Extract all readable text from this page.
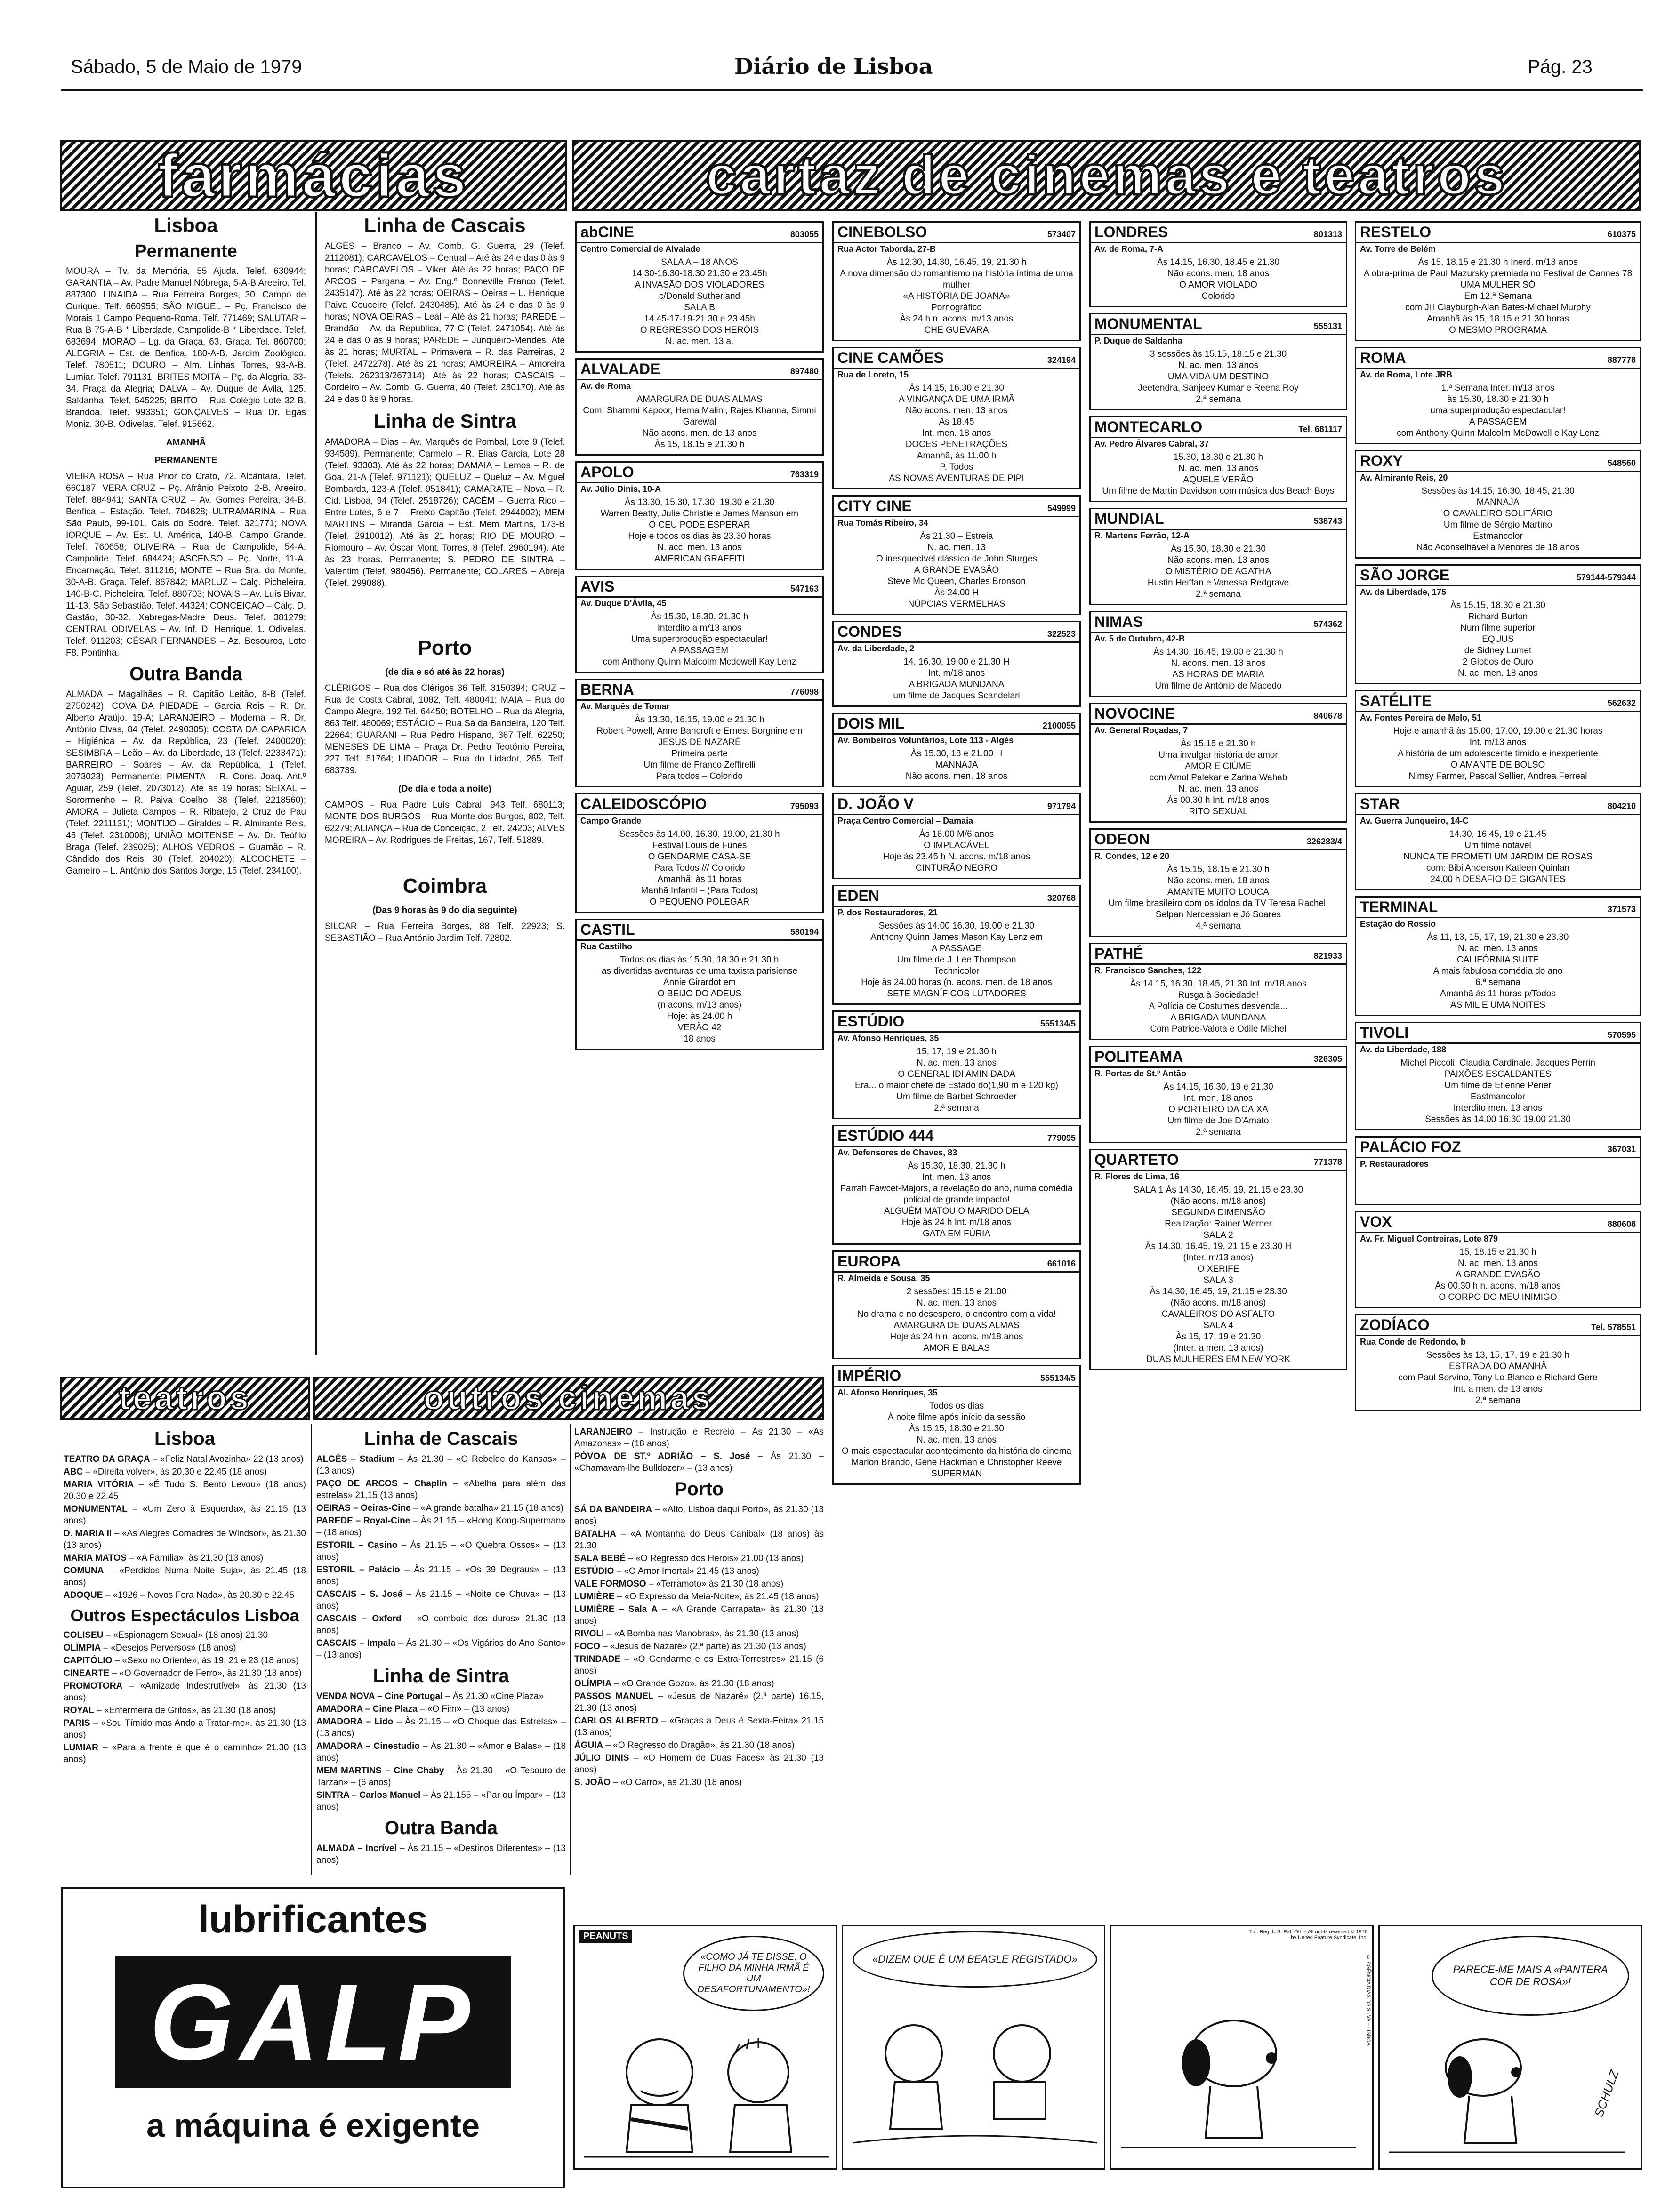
Sábado, 5 de Maio de 1979	Diário de Lisboa	Pág. 23
farmácias	cartaz de cinemas e teatros
Lisboa
Permanente

MOURA – Tv. da Memória, 55 Ajuda. Telef. 630944; GARANTIA – Av. Padre Manuel Nóbrega, 5-A-B Areeiro. Tel. 887300; LINAIDA – Rua Ferreira Borges, 30. Campo de Ourique. Telf. 660955; SÃO MIGUEL – Pç. Francisco de Morais 1 Campo Pequeno-Roma. Telf. 771469; SALUTAR – Rua B 75-A-B * Liberdade. Campolide-B * Liberdade. Telef. 683694; MORÃO – Lg. da Graça, 63. Graça. Tel. 860700; ALEGRIA – Est. de Benfica, 180-A-B. Jardim Zoológico. Telef. 780511; DOURO – Alm. Linhas Torres, 93-A-B. Lumiar. Telef. 791131; BRITES MOITA – Pç. da Alegria, 33-34. Praça da Alegria; DALVA – Av. Duque de Ávila, 125. Saldanha. Telef. 545225; BRITO – Rua Colégio Lote 32-B. Brandoa. Telef. 993351; GONÇALVES – Rua Dr. Egas Moniz, 30-B. Odivelas. Telef. 915662.

AMANHÃ
PERMANENTE

VIEIRA ROSA – Rua Prior do Crato, 72. Alcântara. Telef. 660187; VERA CRUZ – Pç. Afrânio Peixoto, 2-B. Areeiro. Telef. 884941; SANTA CRUZ – Av. Gomes Pereira, 34-B. Benfica – Estação. Telef. 704828; ULTRAMARINA – Rua São Paulo, 99-101. Cais do Sodré. Telef. 321771; NOVA IORQUE – Av. Est. U. América, 140-B. Campo Grande. Telef. 760658; OLIVEIRA – Rua de Campolide, 54-A. Campolide. Telef. 684424; ASCENSO – Pç. Norte, 11-A. Encarnação. Telef. 311216; MONTE – Rua Sra. do Monte, 30-A-B. Graça. Telef. 867842; MARLUZ – Calç. Picheleira, 140-B-C. Picheleira. Telef. 880703; NOVAIS – Av. Luís Bivar, 11-13. São Sebastião. Telef. 44324; CONCEIÇÃO – Calç. D. Gastão, 30-32. Xabregas-Madre Deus. Telef. 381279; CENTRAL ODIVELAS – Av. Inf. D. Henrique, 1. Odivelas. Telef. 911203; CÉSAR FERNANDES – Az. Besouros, Lote F8. Pontinha.

Outra Banda

ALMADA – Magalhães – R. Capitão Leitão, 8-B (Telef. 2750242); COVA DA PIEDADE – Garcia Reis – R. Dr. Alberto Araújo, 19-A; LARANJEIRO – Moderna – R. Dr. António Elvas, 84 (Telef. 2490305); COSTA DA CAPARICA – Higiénica – Av. da República, 23 (Telef. 2400020); SESIMBRA – Leão – Av. da Liberdade, 13 (Telef. 2233471); BARREIRO – Soares – Av. da República, 1 (Telef. 2073023). Permanente; PIMENTA – R. Cons. Joaq. Ant.º Aguiar, 259 (Telef. 2073012). Até às 19 horas; SEIXAL – Sorormenho – R. Paiva Coelho, 38 (Telef. 2218560); AMORA – Julieta Campos – R. Ribatejo, 2 Cruz de Pau (Telef. 2211131); MONTIJO – Giraldes – R. Almirante Reis, 45 (Telef. 2310008); UNIÃO MOITENSE – Av. Dr. Teófilo Braga (Telef. 239025); ALHOS VEDROS – Guamão – R. Cândido dos Reis, 30 (Telef. 204020); ALCOCHETE – Gameiro – L. António dos Santos Jorge, 15 (Telef. 234100).

Linha de Cascais

ALGÉS – Branco – Av. Comb. G. Guerra, 29 (Telef. 2112081); CARCAVELOS – Central – Até às 24 e das 0 às 9 horas; CARCAVELOS – Viker. Até às 22 horas; PAÇO DE ARCOS – Pargana – Av. Eng.º Bonneville Franco (Telef. 2435147). Até às 22 horas; OEIRAS – Oeiras – L. Henrique Paiva Couceiro (Telef. 2430485). Até às 24 e das 0 às 9 horas; NOVA OEIRAS – Leal – Até às 21 horas; PAREDE – Brandão – Av. da República, 77-C (Telef. 2471054). Até às 24 e das 0 às 9 horas; PAREDE – Junqueiro-Mendes. Até às 21 horas; MURTAL – Primavera – R. das Parreiras, 2 (Telef. 2472278). Até às 21 horas; AMOREIRA – Amoreira (Telefs. 262313/267314). Até às 22 horas; CASCAIS – Cordeiro – Av. Comb. G. Guerra, 40 (Telef. 280170). Até às 24 e das 0 às 9 horas.

Linha de Sintra

AMADORA – Dias – Av. Marquês de Pombal, Lote 9 (Telef. 934589). Permanente; Carmelo – R. Elias Garcia, Lote 28 (Telef. 93303). Até às 22 horas; DAMAIA – Lemos – R. de Goa, 21-A (Telef. 971121); QUELUZ – Queluz – Av. Miguel Bombarda, 123-A (Telef. 951841); CAMARATE – Nova – R. Cid. Lisboa, 94 (Telef. 2518726); CACÉM – Guerra Rico – Entre Lotes, 6 e 7 – Freixo Capitão (Telef. 2944002); MEM MARTINS – Miranda Garcia – Est. Mem Martins, 173-B (Telef. 2910012). Até às 21 horas; RIO DE MOURO – Riomouro – Av. Óscar Mont. Torres, 8 (Telef. 2960194). Até às 23 horas. Permanente; S. PEDRO DE SINTRA – Valentim (Telef. 980456). Permanente; COLARES – Abreja (Telef. 299088).

Porto
(de dia e só até às 22 horas)

CLÉRIGOS – Rua dos Clérigos 36 Telf. 3150394; CRUZ – Rua de Costa Cabral, 1082, Telf. 480041; MAIA – Rua do Campo Alegre, 192 Tel. 64450; BOTELHO – Rua da Alegria, 863 Telf. 480069; ESTÁCIO – Rua Sá da Bandeira, 120 Telf. 22664; GUARANI – Rua Pedro Hispano, 367 Telf. 62250; MENESES DE LIMA – Praça Dr. Pedro Teotónio Pereira, 227 Telf. 51764; LIDADOR – Rua do Lidador, 265. Telf. 683739.

(De dia e toda a noite)

CAMPOS – Rua Padre Luís Cabral, 943 Telf. 680113; MONTE DOS BURGOS – Rua Monte dos Burgos, 802, Telf. 62279; ALIANÇA – Rua de Conceição, 2 Telf. 24203; ALVES MOREIRA – Av. Rodrigues de Freitas, 167, Telf. 51889.

Coimbra
(Das 9 horas às 9 do dia seguinte)

SILCAR – Rua Ferreira Borges, 88 Telf. 22923; S. SEBASTIÃO – Rua António Jardim Telf. 72802.

abCINE	803055
Centro Comercial de Alvalade
SALA A – 18 ANOS
14.30-16.30-18.30 21.30 e 23.45h
A INVASÃO DOS VIOLADORES
c/Donald Sutherland
SALA B
14.45-17-19-21.30 e 23.45h
O REGRESSO DOS HERÓIS
N. ac. men. 13 a.
ALVALADE	897480
Av. de Roma
AMARGURA DE DUAS ALMAS
Com: Shammi Kapoor, Hema Malini, Rajes Khanna, Simmi Garewal
Não acons. men. de 13 anos
Às 15, 18.15 e 21.30 h
APOLO	763319
Av. Júlio Dinis, 10-A
Às 13.30, 15.30, 17.30, 19.30 e 21.30
Warren Beatty, Julie Christie e James Manson em
O CÉU PODE ESPERAR
Hoje e todos os dias às 23.30 horas
N. acc. men. 13 anos
AMERICAN GRAFFITI
AVIS	547163
Av. Duque D'Ávila, 45
Às 15.30, 18.30, 21.30 h
Interdito a m/13 anos
Uma superprodução espectacular!
A PASSAGEM
com Anthony Quinn Malcolm Mcdowell Kay Lenz
BERNA	776098
Av. Marquês de Tomar
Às 13.30, 16.15, 19.00 e 21.30 h
Robert Powell, Anne Bancroft e Ernest Borgnine em
JESUS DE NAZARÉ
Primeira parte
Um filme de Franco Zeffirelli
Para todos – Colorido
CALEIDOSCÓPIO	795093
Campo Grande
Sessões às 14.00, 16.30, 19.00, 21.30 h
Festival Louis de Funès
O GENDARME CASA-SE
Para Todos /// Colorido
Amanhã: às 11 horas
Manhã Infantil – (Para Todos)
O PEQUENO POLEGAR
CASTIL	580194
Rua Castilho
Todos os dias às 15.30, 18.30 e 21.30 h
as divertidas aventuras de uma taxista parisiense
Annie Girardot em
O BEIJO DO ADEUS
(n acons. m/13 anos)
Hoje: às 24.00 h
VERÃO 42
18 anos
CINEBOLSO	573407
Rua Actor Taborda, 27-B
Às 12.30, 14.30, 16.45, 19, 21.30 h
A nova dimensão do romantismo na história íntima de uma mulher
«A HISTÓRIA DE JOANA»
Pornográfico
Às 24 h n. acons. m/13 anos
CHE GUEVARA
CINE CAMÕES	324194
Rua de Loreto, 15
Às 14.15, 16.30 e 21.30
A VINGANÇA DE UMA IRMÃ
Não acons. men. 13 anos
Às 18.45
Int. men. 18 anos
DOCES PENETRAÇÕES
Amanhã, às 11.00 h
P. Todos
AS NOVAS AVENTURAS DE PIPI
CITY CINE	549999
Rua Tomás Ribeiro, 34
Às 21.30 – Estreia
N. ac. men. 13
O inesquecível clássico de John Sturges
A GRANDE EVASÃO
Steve Mc Queen, Charles Bronson
Às 24.00 H
NÚPCIAS VERMELHAS
CONDES	322523
Av. da Liberdade, 2
14, 16.30, 19.00 e 21.30 H
Int. m/18 anos
A BRIGADA MUNDANA
um filme de Jacques Scandelari
DOIS MIL	2100055
Av. Bombeiros Voluntários, Lote 113 - Algés
Às 15.30, 18 e 21.00 H
MANNAJA
Não acons. men. 18 anos
D. JOÃO V	971794
Praça Centro Comercial – Damaia
Às 16.00 M/6 anos
O IMPLACÁVEL
Hoje às 23.45 h N. acons. m/18 anos
CINTURÃO NEGRO
EDEN	320768
P. dos Restauradores, 21
Sessões às 14.00 16.30, 19.00 e 21.30
Anthony Quinn James Mason Kay Lenz em
A PASSAGE
Um filme de J. Lee Thompson
Technicolor
Hoje às 24.00 horas (n. acons. men. de 18 anos
SETE MAGNÍFICOS LUTADORES
ESTÚDIO	555134/5
Av. Afonso Henriques, 35
15, 17, 19 e 21.30 h
N. ac. men. 13 anos
O GENERAL IDI AMIN DADA
Era... o maior chefe de Estado do(1,90 m e 120 kg)
Um filme de Barbet Schroeder
2.ª semana
ESTÚDIO 444	779095
Av. Defensores de Chaves, 83
Às 15.30, 18.30, 21.30 h
Int. men. 13 anos
Farrah Fawcet-Majors, a revelação do ano, numa comédia policial de grande impacto!
ALGUÉM MATOU O MARIDO DELA
Hoje às 24 h Int. m/18 anos
GATA EM FÚRIA
EUROPA	661016
R. Almeida e Sousa, 35
2 sessões: 15.15 e 21.00
N. ac. men. 13 anos
No drama e no desespero, o encontro com a vida!
AMARGURA DE DUAS ALMAS
Hoje às 24 h n. acons. m/18 anos
AMOR E BALAS
IMPÉRIO	555134/5
Al. Afonso Henriques, 35
Todos os dias
À noite filme após início da sessão
Às 15.15, 18.30 e 21.30
N. ac. men. 13 anos
O mais espectacular acontecimento da história do cinema
Marlon Brando, Gene Hackman e Christopher Reeve
SUPERMAN
LONDRES	801313
Av. de Roma, 7-A
Às 14.15, 16.30, 18.45 e 21.30
Não acons. men. 18 anos
O AMOR VIOLADO
Colorido
MONUMENTAL	555131
P. Duque de Saldanha
3 sessões às 15.15, 18.15 e 21.30
N. ac. men. 13 anos
UMA VIDA UM DESTINO
Jeetendra, Sanjeev Kumar e Reena Roy
2.ª semana
MONTECARLO	Tel. 681117
Av. Pedro Álvares Cabral, 37
15.30, 18.30 e 21.30 h
N. ac. men. 13 anos
AQUELE VERÃO
Um filme de Martin Davidson com música dos Beach Boys
MUNDIAL	538743
R. Martens Ferrão, 12-A
Às 15.30, 18.30 e 21.30
Não acons. men. 13 anos
O MISTÉRIO DE AGATHA
Hustin Heiffan e Vanessa Redgrave
2.ª semana
NIMAS	574362
Av. 5 de Outubro, 42-B
Às 14.30, 16.45, 19.00 e 21.30 h
N. acons. men. 13 anos
AS HORAS DE MARIA
Um filme de António de Macedo
NOVOCINE	840678
Av. General Roçadas, 7
Às 15.15 e 21.30 h
Uma invulgar história de amor
AMOR E CIÚME
com Amol Palekar e Zarina Wahab
N. ac. men. 13 anos
Às 00.30 h Int. m/18 anos
RITO SEXUAL
ODEON	326283/4
R. Condes, 12 e 20
Às 15.15, 18.15 e 21.30 h
Não acons. men. 18 anos
AMANTE MUITO LOUCA
Um filme brasileiro com os ídolos da TV Teresa Rachel, Selpan Nercessian e Jô Soares
4.ª semana
PATHÉ	821933
R. Francisco Sanches, 122
Às 14.15, 16.30, 18.45, 21.30 Int. m/18 anos
Rusga à Sociedade!
A Polícia de Costumes desvenda...
A BRIGADA MUNDANA
Com Patrice-Valota e Odile Michel
POLITEAMA	326305
R. Portas de St.º Antão
Às 14.15, 16.30, 19 e 21.30
Int. men. 18 anos
O PORTEIRO DA CAIXA
Um filme de Joe D'Amato
2.ª semana
QUARTETO	771378
R. Flores de Lima, 16
SALA 1 Às 14.30, 16.45, 19, 21.15 e 23.30
(Não acons. m/18 anos)
SEGUNDA DIMENSÃO
Realização: Rainer Werner
SALA 2
Às 14.30, 16.45, 19, 21.15 e 23.30 H
(Inter. m/13 anos)
O XERIFE
SALA 3
Às 14.30, 16.45, 19, 21.15 e 23.30
(Não acons. m/18 anos)
CAVALEIROS DO ASFALTO
SALA 4
Às 15, 17, 19 e 21.30
(Inter. a men. 13 anos)
DUAS MULHERES EM NEW YORK
RESTELO	610375
Av. Torre de Belém
Às 15, 18.15 e 21.30 h Inerd. m/13 anos
A obra-prima de Paul Mazursky premiada no Festival de Cannes 78
UMA MULHER SÓ
Em 12.ª Semana
com Jill Clayburgh-Alan Bates-Michael Murphy
Amanhã às 15, 18.15 e 21.30 horas
O MESMO PROGRAMA
ROMA	887778
Av. de Roma, Lote JRB
1.ª Semana Inter. m/13 anos
às 15.30, 18.30 e 21.30 h
uma superprodução espectacular!
A PASSAGEM
com Anthony Quinn Malcolm McDowell e Kay Lenz
ROXY	548560
Av. Almirante Reis, 20
Sessões às 14.15, 16.30, 18.45, 21.30
MANNAJA
O CAVALEIRO SOLITÁRIO
Um filme de Sérgio Martino
Estmancolor
Não Aconselhável a Menores de 18 anos
SÃO JORGE	579144-579344
Av. da Liberdade, 175
Às 15.15, 18.30 e 21.30
Richard Burton
Num filme superior
EQUUS
de Sidney Lumet
2 Globos de Ouro
N. ac. men. 18 anos
SATÉLITE	562632
Av. Fontes Pereira de Melo, 51
Hoje e amanhã às 15.00, 17.00, 19.00 e 21.30 horas
Int. m/13 anos
A história de um adolescente tímido e inexperiente
O AMANTE DE BOLSO
Nimsy Farmer, Pascal Sellier, Andrea Ferreal
STAR	804210
Av. Guerra Junqueiro, 14-C
14.30, 16.45, 19 e 21.45
Um filme notável
NUNCA TE PROMETI UM JARDIM DE ROSAS
com: Bibi Anderson Katleen Quinlan
24.00 h DESAFIO DE GIGANTES
TERMINAL	371573
Estação do Rossio
Às 11, 13, 15, 17, 19, 21.30 e 23.30
N. ac. men. 13 anos
CALIFÓRNIA SUITE
A mais fabulosa comédia do ano
6.ª semana
Amanhã às 11 horas p/Todos
AS MIL E UMA NOITES
TIVOLI	570595
Av. da Liberdade, 188
Michel Piccoli, Claudia Cardinale, Jacques Perrin
PAIXÕES ESCALDANTES
Um filme de Etienne Périer
Eastmancolor
Interdito men. 13 anos
Sessões às 14.00 16.30 19.00 21.30
PALÁCIO FOZ	367031
P. Restauradores
VOX	880608
Av. Fr. Miguel Contreiras, Lote 879
15, 18.15 e 21.30 h
N. ac. men. 13 anos
A GRANDE EVASÃO
Às 00.30 h n. acons. m/18 anos
O CORPO DO MEU INIMIGO
ZODÍACO	Tel. 578551
Rua Conde de Redondo, b
Sessões às 13, 15, 17, 19 e 21.30 h
ESTRADA DO AMANHÃ
com Paul Sorvino, Tony Lo Blanco e Richard Gere
Int. a men. de 13 anos
2.ª semana
teatros	outros cinemas
Lisboa
TEATRO DA GRAÇA – «Feliz Natal Avozinha» 22 (13 anos)
ABC – «Direita volver», às 20.30 e 22.45 (18 anos)
MARIA VITÓRIA – «É Tudo S. Bento Levou» (18 anos) 20.30 e 22.45
MONUMENTAL – «Um Zero à Esquerda», às 21.15 (13 anos)
D. MARIA II – «As Alegres Comadres de Windsor», às 21.30 (13 anos)
MARIA MATOS – «A Família», às 21.30 (13 anos)
COMUNA – «Perdidos Numa Noite Suja», às 21.45 (18 anos)
ADOQUE – «1926 – Novos Fora Nada», às 20.30 e 22.45
Outros Espectáculos Lisboa
COLISEU – «Espionagem Sexual» (18 anos) 21.30
OLÍMPIA – «Desejos Perversos» (18 anos)
CAPITÓLIO – «Sexo no Oriente», às 19, 21 e 23 (18 anos)
CINEARTE – «O Governador de Ferro», às 21.30 (13 anos)
PROMOTORA – «Amizade Indestrutível», às 21.30 (13 anos)
ROYAL – «Enfermeira de Gritos», às 21.30 (18 anos)
PARIS – «Sou Tímido mas Ando a Tratar-me», às 21.30 (13 anos)
LUMIAR – «Para a frente é que é o caminho» 21.30 (13 anos)
Linha de Cascais
ALGÉS – Stadium – Às 21.30 – «O Rebelde do Kansas» – (13 anos)
PAÇO DE ARCOS – Chaplin – «Abelha para além das estrelas» 21.15 (13 anos)
OEIRAS – Oeiras-Cine – «A grande batalha» 21.15 (18 anos)
PAREDE – Royal-Cine – Às 21.15 – «Hong Kong-Superman» – (18 anos)
ESTORIL – Casino – Às 21.15 – «O Quebra Ossos» – (13 anos)
ESTORIL – Palácio – Às 21.15 – «Os 39 Degraus» – (13 anos)
CASCAIS – S. José – Às 21.15 – «Noite de Chuva» – (13 anos)
CASCAIS – Oxford – «O comboio dos duros» 21.30 (13 anos)
CASCAIS – Impala – Às 21.30 – «Os Vigários do Ano Santo» – (13 anos)
Linha de Sintra
VENDA NOVA – Cine Portugal – Às 21.30 «Cine Plaza»
AMADORA – Cine Plaza – «O Fim» – (13 anos)
AMADORA – Lido – Às 21.15 – «O Choque das Estrelas» – (13 anos)
AMADORA – Cinestudio – Às 21.30 – «Amor e Balas» – (18 anos)
MEM MARTINS – Cine Chaby – Às 21.30 – «O Tesouro de Tarzan» – (6 anos)
SINTRA – Carlos Manuel – Às 21.155 – «Par ou Ímpar» – (13 anos)
Outra Banda
ALMADA – Incrível – Às 21.15 – «Destinos Diferentes» – (13 anos)
LARANJEIRO – Instrução e Recreio – Às 21.30 – «As Amazonas» – (18 anos)
PÓVOA DE ST.º ADRIÃO – S. José – Às 21.30 – «Chamavam-lhe Bulldozer» – (13 anos)
Porto
SÁ DA BANDEIRA – «Alto, Lisboa daqui Porto», às 21.30 (13 anos)
BATALHA – «A Montanha do Deus Canibal» (18 anos) às 21.30
SALA BEBÉ – «O Regresso dos Heróis» 21.00 (13 anos)
ESTÚDIO – «O Amor Imortal» 21.45 (13 anos)
VALE FORMOSO – «Terramoto» às 21.30 (18 anos)
LUMIÈRE – «O Expresso da Meia-Noite», às 21.45 (18 anos)
LUMIÈRE – Sala A – «A Grande Carrapata» às 21.30 (13 anos)
RIVOLI – «A Bomba nas Manobras», às 21.30 (13 anos)
FOCO – «Jesus de Nazaré» (2.ª parte) às 21.30 (13 anos)
TRINDADE – «O Gendarme e os Extra-Terrestres» 21.15 (6 anos)
OLÍMPIA – «O Grande Gozo», às 21.30 (18 anos)
PASSOS MANUEL – «Jesus de Nazaré» (2.ª parte) 16.15, 21.30 (13 anos)
CARLOS ALBERTO – «Graças a Deus é Sexta-Feira» 21.15 (13 anos)
ÁGUIA – «O Regresso do Dragão», às 21.30 (18 anos)
JÚLIO DINIS – «O Homem de Duas Faces» às 21.30 (13 anos)
S. JOÃO – «O Carro», às 21.30 (18 anos)
lubrificantes
GALP
a máquina é exigente
PEANUTS
«COMO JÁ TE DISSE, O FILHO DA MINHA IRMÃ É UM DESAFORTUNAMENTO»!
«DIZEM QUE É UM BEAGLE REGISTADO»
Tm. Reg. U.S. Pat. Off. – All rights reserved © 1976 by United Feature Syndicate, Inc.
© AGÊNCIA DIAS DA SILVA – LISBOA	PARECE-ME MAIS A «PANTERA COR DE ROSA»!
SCHULZ
